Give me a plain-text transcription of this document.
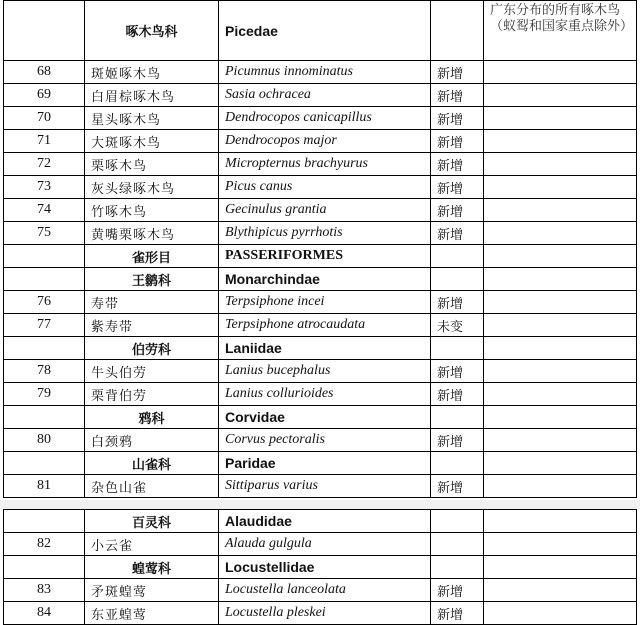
	啄木鸟科	Picedae		广东分布的所有啄木鸟（蚁䴕和国家重点除外）
68	斑姬啄木鸟	Picumnus innominatus	新增	
69	白眉棕啄木鸟	Sasia ochracea	新增	
70	星头啄木鸟	Dendrocopos canicapillus	新增	
71	大斑啄木鸟	Dendrocopos major	新增	
72	栗啄木鸟	Micropternus brachyurus	新增	
73	灰头绿啄木鸟	Picus canus	新增	
74	竹啄木鸟	Gecinulus grantia	新增	
75	黄嘴栗啄木鸟	Blythipicus pyrrhotis	新增	
	雀形目	PASSERIFORMES		
	王鹟科	Monarchindae		
76	寿带	Terpsiphone incei	新增	
77	紫寿带	Terpsiphone atrocaudata	未变	
	伯劳科	Laniidae		
78	牛头伯劳	Lanius bucephalus	新增	
79	栗背伯劳	Lanius collurioides	新增	
	鸦科	Corvidae		
80	白颈鸦	Corvus pectoralis	新增	
	山雀科	Paridae		
81	杂色山雀	Sittiparus varius	新增	
	百灵科	Alaudidae		
82	小云雀	Alauda gulgula		
	蝗莺科	Locustellidae		
83	矛斑蝗莺	Locustella lanceolata	新增	
84	东亚蝗莺	Locustella pleskei	新增	
